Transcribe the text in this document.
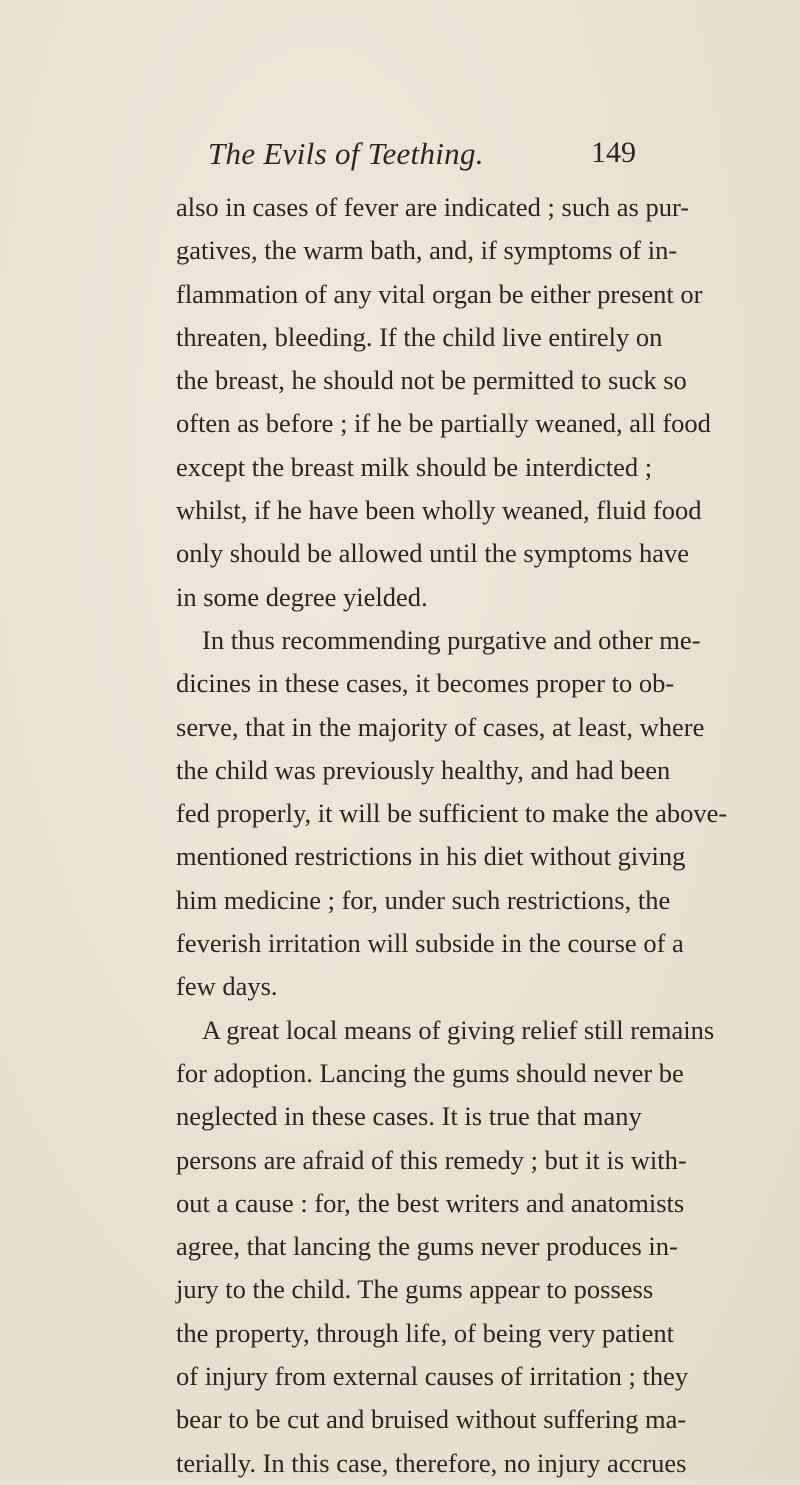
The Evils of Teething.	149
also in cases of fever are indicated ; such as pur-
gatives, the warm bath, and, if symptoms of in-
flammation of any vital organ be either present or
threaten, bleeding. If the child live entirely on
the breast, he should not be permitted to suck so
often as before ; if he be partially weaned, all food
except the breast milk should be interdicted ;
whilst, if he have been wholly weaned, fluid food
only should be allowed until the symptoms have
in some degree yielded.
In thus recommending purgative and other me-
dicines in these cases, it becomes proper to ob-
serve, that in the majority of cases, at least, where
the child was previously healthy, and had been
fed properly, it will be sufficient to make the above-
mentioned restrictions in his diet without giving
him medicine ; for, under such restrictions, the
feverish irritation will subside in the course of a
few days.
A great local means of giving relief still remains
for adoption. Lancing the gums should never be
neglected in these cases. It is true that many
persons are afraid of this remedy ; but it is with-
out a cause : for, the best writers and anatomists
agree, that lancing the gums never produces in-
jury to the child. The gums appear to possess
the property, through life, of being very patient
of injury from external causes of irritation ; they
bear to be cut and bruised without suffering ma-
terially. In this case, therefore, no injury accrues
